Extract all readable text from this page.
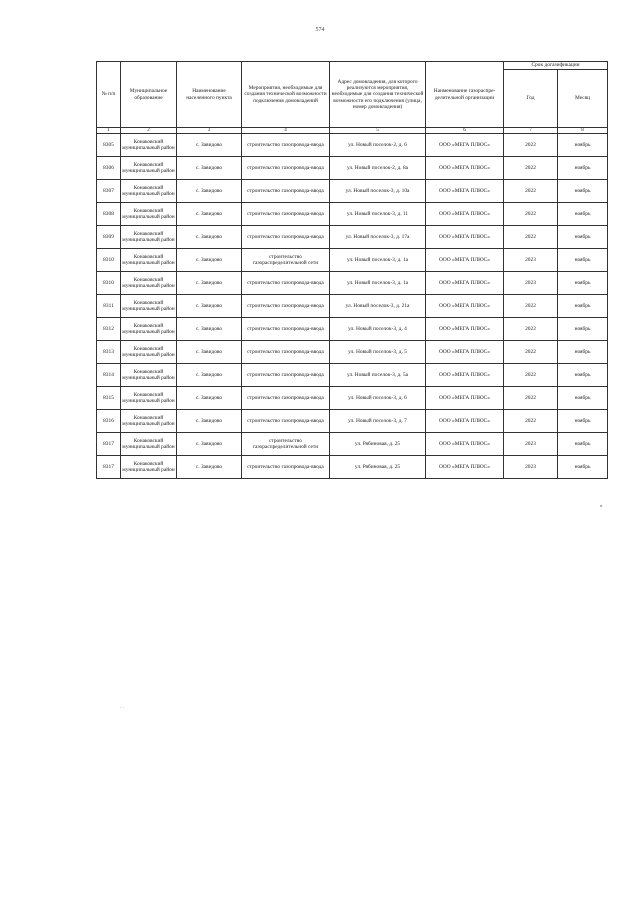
574
№ п/п	Муниципальное образование	Наименование населенного пункта	Мероприятия, необходимые для создания технической возможности подключения домовладений	Адрес домовладения, для которого реализуются мероприятия, необходимые для создания технической возможности его подключения (улица, номер домовладения)	Наименование газораспре-делительной организации	Срок догазификации	
						Год	Месяц
1	2	3	4	5	6	7	8
8305	Конаковский муниципальный район	с. Завидово	строительство газопровода-ввода	ул. Новый поселок-2, д. 6	ООО «МЕГА ПЛЮС»	2022	ноябрь
8306	Конаковский муниципальный район	с. Завидово	строительство газопровода-ввода	ул. Новый поселок-2, д. 8а	ООО «МЕГА ПЛЮС»	2022	ноябрь
8307	Конаковский муниципальный район	с. Завидово	строительство газопровода-ввода	ул. Новый поселок-3, д. 10а	ООО «МЕГА ПЛЮС»	2022	ноябрь
8308	Конаковский муниципальный район	с. Завидово	строительство газопровода-ввода	ул. Новый поселок-3, д. 11	ООО «МЕГА ПЛЮС»	2022	ноябрь
8309	Конаковский муниципальный район	с. Завидово	строительство газопровода-ввода	ул. Новый поселок-3, д. 17а	ООО «МЕГА ПЛЮС»	2022	ноябрь
8310	Конаковский муниципальный район	с. Завидово	строительство газораспределительной сети	ул. Новый поселок-3, д. 1а	ООО «МЕГА ПЛЮС»	2023	ноябрь
8310	Конаковский муниципальный район	с. Завидово	строительство газопровода-ввода	ул. Новый поселок-3, д. 1а	ООО «МЕГА ПЛЮС»	2023	ноябрь
8311	Конаковский муниципальный район	с. Завидово	строительство газопровода-ввода	ул. Новый поселок-3, д. 21а	ООО «МЕГА ПЛЮС»	2022	ноябрь
8312	Конаковский муниципальный район	с. Завидово	строительство газопровода-ввода	ул. Новый поселок-3, д. 4	ООО «МЕГА ПЛЮС»	2022	ноябрь
8313	Конаковский муниципальный район	с. Завидово	строительство газопровода-ввода	ул. Новый поселок-3, д. 5	ООО «МЕГА ПЛЮС»	2022	ноябрь
8314	Конаковский муниципальный район	с. Завидово	строительство газопровода-ввода	ул. Новый поселок-3, д. 5а	ООО «МЕГА ПЛЮС»	2022	ноябрь
8315	Конаковский муниципальный район	с. Завидово	строительство газопровода-ввода	ул. Новый поселок-3, д. 6	ООО «МЕГА ПЛЮС»	2022	ноябрь
8316	Конаковский муниципальный район	с. Завидово	строительство газопровода-ввода	ул. Новый поселок-3, д. 7	ООО «МЕГА ПЛЮС»	2022	ноябрь
8317	Конаковский муниципальный район	с. Завидово	строительство газораспределительной сети	ул. Рябиновая, д. 25	ООО «МЕГА ПЛЮС»	2023	ноябрь
8317	Конаковский муниципальный район	с. Завидово	строительство газопровода-ввода	ул. Рябиновая, д. 25	ООО «МЕГА ПЛЮС»	2023	ноябрь
»
. .
